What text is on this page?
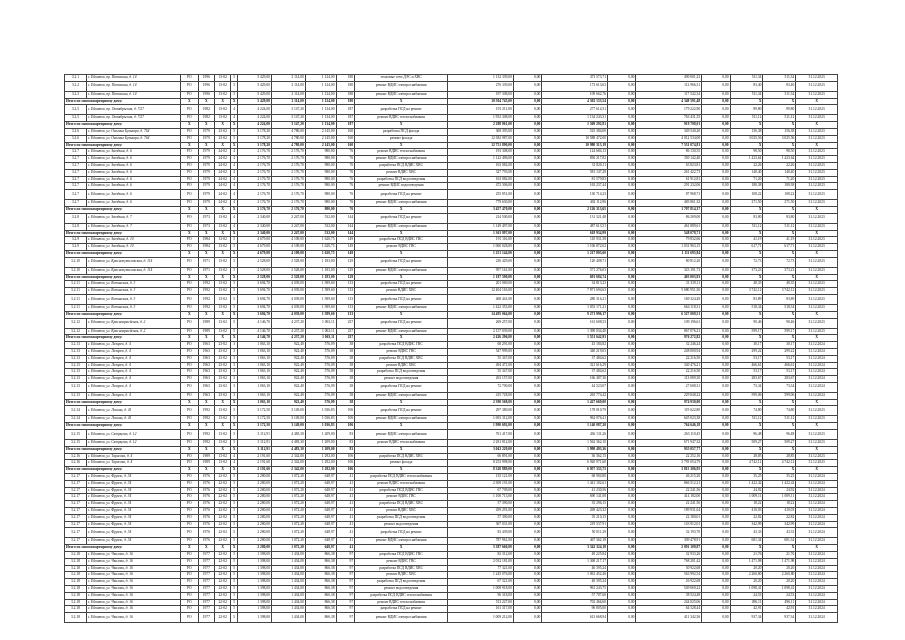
3.2.1	г. Ейпатов, пр. Патенина, д. 14	РО	1996	13-02	5	5 429,00	2 114,00	1 124,00	180	тепловые сети ДЭС и ХВС	1 132 339,00	0,00	473 573,71	0,00	490 001,23	0,00	511,34	511,34	31.12.2023
3.2.2	г. Ейпатов, пр. Патенина, д. 14	РО	1996	13-02	5	5 429,00	2 114,00	1 124,00	180	ремонт ВДИС электроснабжения	276 339,00	0,00	173 613,63	0,00	112 966,31	0,00	83,40	83,40	31.12.2023
3.2.3	г. Ейпатов, пр. Патенина, д. 14	РО	1996	13-02	5	5 429,00	2 114,00	1 124,00	180	ремонт ВДИС электроснабжения	197 308,00	0,00	109 662,76	0,00	117 542,34	0,00	511,34	511,34	31.12.2023
Итого по многоквартирному дому:		X	X	X	X	5 429,00	2 114,00	1 124,00	180	X	10 504 745,00	0,00	4 302 153,54	0,00	4 348 591,48	0,00	X	X	X
3.2.5	г. Ейпатов, пр. Октябрьская, д. 7/27	РО	1982	13-02	4	4 224,00	3 147,20	1 134,00	187	разработка ПСД на ремонт	191 211,00	0,00	277 614,51	0,00	179 222,90	0,00	89,80	89,80	31.12.2023
3.2.5	г. Ейпатов, пр. Октябрьская, д. 7/27	РО	1982	13-02	4	4 224,00	3 147,20	1 134,00	187	ремонт ВДИС теплоснабжения	1 952 308,00	0,00	1 134 243,31	0,00	763 431,35	0,00	511,12	511,12	31.12.2023
Итого по многоквартирному дому:		X	X	X	X	4 224,00	3 147,20	1 134,00	187	X	2 288 861,00	0,00	1 569 292,81	0,00	919 708,01	0,00	X	X	X
3.2.6	г. Ейпатов, ул. Онегина Бульвара, д. 764	РО	1979	23-02	5	3 178,20	4 780,00	2 145,00	160	разработка ПСД фасада	369 395,00	0,00	525 384,00	0,00	349 540,20	0,00	156,38	156,38	31.12.2023
3.2.6	г. Ейпатов, ул. Онегина Бульвара, д. 764	РО	1979	23-02	5	3 178,20	4 780,00	2 145,00	160	ремонт фасада	12 382 987,00	0,00	10 588 472,00	0,00	4 012 534,00	0,00	3 025,56	3 025,56	31.12.2023
Итого по многоквартирному дому:		X	X	X	X	3 178,20	4 780,00	2 145,00	160	X	12 751 890,00	0,00	10 980 313,19	0,00	7 531 074,81	0,00	X	X	X
3.2.7	г. Ейпатов, ул. Звездная, д. 6	РО	1979	24-02	4	2 176,70	2 176,70	980,00	76	ремонт ВДИС теплоснабжения	193 308,00	0,00	124 684,13	0,00	86 130,55	0,00	98,50	98,50	31.12.2023
3.2.7	г. Ейпатов, ул. Звездная, д. 6	РО	1979	24-02	4	2 176,70	2 176,70	980,00	76	ремонт ВДИС электроснабжения	1 122 496,00	0,00	830 217,82	0,00	350 142,40	0,00	1 423,64	1 423,64	31.12.2023
3.2.7	г. Ейпатов, ул. Звездная, д. 6	РО	1979	24-02	4	2 176,70	2 176,70	980,00	76	разработка ПСД ВДИС ХВС	163 082,00	0,00	31 820,11	0,00	63 823,81	0,00	22,26	22,26	31.12.2023
3.2.7	г. Ейпатов, ул. Звездная, д. 6	РО	1979	24-02	4	2 176,70	2 176,70	980,00	76	ремонт ВДИС ХВС	327 793,00	0,00	581 147,28	0,00	261 422,73	0,00	140,40	140,40	31.12.2023
3.2.7	г. Ейпатов, ул. Звездная, д. 6	РО	1979	24-02	4	2 176,70	2 176,70	980,00	76	разработка ПСД водоотведения	163 082,00	0,00	81 579,83	0,00	61 912,81	0,00	71,20	71,20	31.12.2023
3.2.7	г. Ейпатов, ул. Звездная, д. 6	РО	1979	24-02	4	2 176,70	2 176,70	980,00	76	ремонт ВДИС водоотведения	472 306,00	0,00	165 237,44	0,00	291 232,06	0,00	180,38	180,38	31.12.2023
3.2.7	г. Ейпатов, ул. Звездная, д. 6	РО	1979	24-02	4	2 176,70	2 176,70	980,00	76	разработка ПСД на ремонт	255 851,00	0,00	130 714,23	0,00	87 968,71	0,00	108,22	108,22	31.12.2023
3.2.7	г. Ейпатов, ул. Звездная, д. 6	РО	1979	24-02	4	2 176,70	2 176,70	980,00	76	ремонт ВДИС электроснабжения	779 630,00	0,00	402 112,96	0,00	483 861,32	0,00	271,50	271,50	31.12.2023
Итого по многоквартирному дому:		X	X	X	X	2 176,70	2 176,70	980,00	76	X	3 457 470,00	0,00	2 126 313,65	0,00	1 707 814,37	0,00	X	X	X
3.2.8	г. Ейпатов, ул. Звездная, д. 7	РО	1973	13-02	4	2 340,00	2 247,00	532,00	144	разработка ПСД на ремонт	214 500,00	0,00	131 321,48	0,00	86 209,00	0,00	83,80	83,80	31.12.2023
3.2.8	г. Ейпатов, ул. Звездная, д. 7	РО	1973	13-02	4	2 340,00	2 247,00	532,00	144	ремонт ВДИС электроснабжения	1 149 497,00	0,00	487 613,51	0,00	461 889,61	0,00	511,12	511,12	31.12.2023
Итого по многоквартирному дому:		X	X	X	X	2 340,00	2 247,00	532,00	144	X	1 363 997,00	0,00	618 934,99	0,00	548 078,71	0,00	X	X	X
3.2.9	г. Ейпатов, ул. Звездная, д. 10	РО	1984	13-02	5	4 679,00	4 109,00	1 620,75	149	разработка ПСД ВДИС ГВС	191 116,00	0,00	110 931,58	0,00	79 832,66	0,00	41,19	41,19	31.12.2023
3.2.9	г. Ейпатов, ул. Звездная, д. 10	РО	1984	13-02	5	4 679,00	4 109,00	1 620,75	149	ремонт ВДИС ГВС	1 060 028,00	0,00	1 106 872,02	0,00	1 031 963,15	0,00	617,71	617,71	31.12.2023
Итого по многоквартирному дому:		X	X	X	X	4 679,00	4 109,00	1 620,75	149	X	1 251 144,00	0,00	1 217 803,60	0,00	1 111 695,84	0,00	X	X	X
3.2.10	г. Ейпатов, ул. Краснопутиловская, д. 114	РО	1971	13-02	5	2 528,00	2 528,00	1 183,00	129	разработка ПСД на ремонт	230 429,00	0,00	120 408,71	0,00	80 812,20	0,00	72,73	72,73	31.12.2023
3.2.10	г. Ейпатов, ул. Краснопутиловская, д. 114	РО	1971	13-02	5	2 528,00	2 528,00	1 183,00	129	ремонт ВДИС электроснабжения	957 161,00	0,00	571 276,03	0,00	323 191,73	0,00	373,23	373,23	31.12.2023
Итого по многоквартирному дому:		X	X	X	X	2 528,00	2 528,00	1 183,00	129	X	1 187 590,00	0,00	691 684,74	0,00	403 003,93	0,00	X	X	X
3.2.11	г. Ейпатов, ул. Котинская, д. 3	РО	1992	13-02	5	3 694,70	4 039,00	1 589,60	133	разработка ПСД на ремонт	201 069,00	0,00	34 813,23	0,00	31 339,11	0,00	48,35	48,35	31.12.2023
3.2.11	г. Ейпатов, ул. Котинская, д. 3	РО	1992	13-02	5	3 694,70	4 039,00	1 589,60	133	ремонт ВДИС ХВС	12 404 163,00	0,00	7 871 694,63	0,00	5 680 951,56	0,00	3 742,12	3 742,12	31.12.2023
3.2.11	г. Ейпатов, ул. Котинская, д. 3	РО	1992	13-02	5	3 694,70	4 039,00	1 589,60	133	разработка ПСД на ремонт	468 441,00	0,00	280 316,21	0,00	169 324,49	0,00	83,89	83,89	31.12.2023
3.2.11	г. Ейпатов, ул. Котинская, д. 3	РО	1992	13-02	5	3 694,70	4 039,00	1 589,60	133	ремонт ВДИС электроснабжения	1 422 353,00	0,00	1 053 171,21	0,00	664 118,31	0,00	518,34	518,34	31.12.2023
Итого по многоквартирному дому:		X	X	X	X	3 694,70	4 039,00	1 589,60	133	X	14 495 064,00	0,00	9 271 996,17	0,00	6 527 009,51	0,00	X	X	X
3.2.12	г. Ейпатов, ул. Красноармейская, д. 2	РО	1989	13-02	5	4 146,70	4 237,20	1 063,11	237	разработка ПСД на ремонт	269 257,00	0,00	161 608,53	0,00	109 196,61	0,00	90,46	90,46	31.12.2023
3.2.12	г. Ейпатов, ул. Красноармейская, д. 2	РО	1989	13-02	5	4 146,70	4 237,20	1 063,11	237	ремонт ВДИС электроснабжения	2 157 039,00	0,00	1 390 034,40	0,00	867 076,21	0,00	599,17	599,17	31.12.2023
Итого по многоквартирному дому:		X	X	X	X	4 146,70	4 237,20	1 063,11	237	X	2 426 296,00	0,00	1 551 642,93	0,00	976 272,82	0,00	X	X	X
3.2.13	г. Ейпатов, ул. Лазарев, д. 4	РО	1963	23-02	3	1 063,10	922,40	576,09	38	разработка ПСД ВДИС ГВС	68 291,00	0,00	43 184,82	0,00	32 246,24	0,00	30,17	30,17	31.12.2024
3.2.13	г. Ейпатов, ул. Лазарев, д. 4	РО	1963	23-02	3	1 063,10	922,40	576,09	38	ремонт ВДИС ГВС	547 999,00	0,00	340 219,03	0,00	248 000,94	0,00	299,22	299,22	31.12.2024
3.2.13	г. Ейпатов, ул. Лазарев, д. 4	РО	1963	23-02	3	1 063,10	922,40	576,09	38	разработка ПСД ВДИС ХВС	55 347,00	0,00	37 484,62	0,00	22 216,50	0,00	53,17	53,17	31.12.2024
3.2.13	г. Ейпатов, ул. Лазарев, д. 4	РО	1963	23-02	3	1 063,10	922,40	576,09	38	ремонт ВДИС ХВС	494 471,00	0,00	321 616,29	0,00	340 476,21	0,00	466,61	466,61	31.12.2024
3.2.13	г. Ейпатов, ул. Лазарев, д. 4	РО	1963	23-02	3	1 063,10	922,40	576,09	38	разработка ПСД водоотведения	55 347,00	0,00	37 484,62	0,00	22 216,50	0,00	53,17	53,17	31.12.2024
3.2.13	г. Ейпатов, ул. Лазарев, д. 4	РО	1963	23-02	3	1 063,10	922,40	576,09	38	ремонт водоотведения	263 157,00	0,00	166 487,36	0,00	113 089,30	0,00	283,67	283,67	31.12.2024
3.2.13	г. Ейпатов, ул. Лазарев, д. 4	РО	1963	23-02	3	1 063,10	922,40	576,09	38	разработка ПСД на ремонт	72 700,00	0,00	44 523,07	0,00	27 608,31	0,00	73,34	73,34	31.12.2024
3.2.13	г. Ейпатов, ул. Лазарев, д. 4	РО	1963	23-02	3	1 063,10	922,40	576,09	38	ремонт ВДИС электроснабжения	415 728,00	0,00	265 774,42	0,00	229 848,22	0,00	599,06	599,06	31.12.2024
Итого по многоквартирному дому:		X	X	X	X	1 063,10	922,40	576,09	38	X	2 390 568,00	0,00	1 427 669,00	0,00	974 930,00	0,00	X	X	X
3.2.14	г. Ейпатов, ул. Ленина, д. 41	РО	1992	13-02	5	3 172,50	3 149,00	1 036,83	106	разработка ПСД на ремонт	297 380,00	0,00	178 010,79	0,00	119 622,80	0,00	74,80	74,80	31.12.2023
3.2.14	г. Ейпатов, ул. Ленина, д. 41	РО	1992	13-02	5	3 172,50	3 149,00	1 036,83	106	ремонт ВДИС электроснабжения	1 693 312,00	0,00	962 076,41	0,00	645 023,38	0,00	511,12	511,12	31.12.2023
Итого по многоквартирному дому:		X	X	X	X	3 172,50	3 149,00	1 036,83	106	X	1 990 692,00	0,00	1 140 087,20	0,00	764 646,18	0,00	X	X	X
3.2.15	г. Ейпатов, ул. Скворцова, д. 12	РО	1992	13-02	5	3 112,91	4 483,30	1 209,00	83	ремонт ВДИС электроснабжения	761 417,00	0,00	436 131,26	0,00	263 110,45	0,00	96,48	96,48	31.12.2023
3.2.15	г. Ейпатов, ул. Скворцова, д. 12	РО	1992	13-02	5	3 112,91	4 483,30	1 209,00	83	ремонт ВДИС теплоснабжения	2 281 812,00	0,00	1 562 362,10	0,00	671 947,32	0,00	509,27	509,27	31.12.2023
Итого по многоквартирному дому:		X	X	X	X	3 112,91	4 483,30	1 209,00	83	X	3 043 229,00	0,00	1 998 493,36	0,00	935 057,77	0,00	X	X	X
3.2.16	г. Ейпатов, ул. Тарасова, д. 4	РО	1989	13-02	4	2 191,60	2 342,00	1 292,00	106	разработка ПСД ВДИС ХВС	66 891,00	0,00	36 362,15	0,00	22 252,16	0,00	28,85	28,85	31.12.2023
3.2.16	г. Ейпатов, ул. Тарасова, д. 4	РО	1989	13-02	4	2 191,60	2 342,00	1 292,00	106	ремонт фасада	8 253 998,00	0,00	6 920 971,60	0,00	3 793 054,79	0,00	4 742,12	4 742,12	31.12.2023
Итого по многоквартирному дому:		X	X	X	X	2 191,60	2 342,00	1 292,00	106	X	8 320 889,00	0,00	6 957 333,75	0,00	3 815 306,95	0,00	X	X	X
3.2.17	г. Ейпатов, ул. Фрунзе, д. 34	РО	1976	22-02	5	2 280,00	1 072,20	648,97	41	разработка ПСД ВДИС теплоснабжения	135 121,00	0,00	68 904,80	0,00	46 215,20	0,00	35,25	35,25	31.12.2024
3.2.17	г. Ейпатов, ул. Фрунзе, д. 34	РО	1976	22-02	5	2 280,00	1 072,20	648,97	41	ремонт ВДИС теплоснабжения	2 309 191,00	0,00	1 441 102,61	0,00	866 512,21	0,00	1 422,42	1 422,42	31.12.2024
3.2.17	г. Ейпатов, ул. Фрунзе, д. 34	РО	1976	22-02	5	2 280,00	1 072,20	648,97	41	разработка ПСД ВДИС ГВС	67 709,00	0,00	41 230,56	0,00	22 241,56	0,00	24,92	24,92	31.12.2024
3.2.17	г. Ейпатов, ул. Фрунзе, д. 34	РО	1976	22-02	5	2 280,00	1 072,20	648,97	41	ремонт ВДИС ГВС	1 100 713,00	0,00	690 141,08	0,00	414 182,00	0,00	1 009,11	1 009,11	31.12.2024
3.2.17	г. Ейпатов, ул. Фрунзе, д. 34	РО	1976	22-02	5	2 280,00	1 072,20	648,97	41	разработка ПСД ВДИС ХВС	57 390,00	0,00	35 296,15	0,00	22 241,56	0,00	18,22	18,22	31.12.2024
3.2.17	г. Ейпатов, ул. Фрунзе, д. 34	РО	1976	22-02	5	2 280,00	1 072,20	648,97	41	ремонт ВДИС ХВС	459 291,00	0,00	269 423,32	0,00	189 931,64	0,00	410,03	410,03	31.12.2024
3.2.17	г. Ейпатов, ул. Фрунзе, д. 34	РО	1976	22-02	5	2 280,00	1 072,20	648,97	41	разработка ПСД водоотведения	57 390,00	0,00	35 210,15	0,00	22 180,01	0,00	22,82	22,82	31.12.2024
3.2.17	г. Ейпатов, ул. Фрунзе, д. 34	РО	1976	22-02	5	2 280,00	1 072,20	648,97	41	ремонт водоотведения	367 031,00	0,00	219 537,91	0,00	143 912,01	0,00	342,99	342,99	31.12.2024
3.2.17	г. Ейпатов, ул. Фрунзе, д. 34	РО	1976	22-02	5	2 280,00	1 072,20	648,97	41	разработка ПСД на ремонт	83 439,00	0,00	50 011,29	0,00	32 193,70	0,00	43,33	43,33	31.12.2024
3.2.17	г. Ейпатов, ул. Фрунзе, д. 34	РО	1976	22-02	5	2 280,00	1 072,20	648,97	41	ремонт ВДИС электроснабжения	787 961,00	0,00	467 362,18	0,00	309 478,91	0,00	681,34	681,34	31.12.2024
Итого по многоквартирному дому:		X	X	X	X	2 280,00	1 072,20	648,97	41	X	5 387 660,00	0,00	3 342 324,18	0,00	2 091 109,87	0,00	X	X	X
3.2.18	г. Ейпатов, ул. Чкалова, д. 16	РО	1977	22-02	5	1 398,00	1 434,00	866,38	97	разработка ПСД ВДИС ГВС	82 312,00	0,00	49 225,84	0,00	32 933,26	0,00	21,76	21,76	31.12.2024
3.2.18	г. Ейпатов, ул. Чкалова, д. 16	РО	1977	22-02	5	1 398,00	1 434,00	866,38	97	ремонт ВДИС ГВС	2 032 181,00	0,00	1 368 217,17	0,00	768 201,42	0,00	1 471,98	1 471,98	31.12.2024
3.2.18	г. Ейпатов, ул. Чкалова, д. 16	РО	1977	22-02	5	1 398,00	1 434,00	866,38	97	разработка ПСД ВДИС ХВС	77 321,00	0,00	46 395,24	0,00	30 922,68	0,00	20,20	20,20	31.12.2024
3.2.18	г. Ейпатов, ул. Чкалова, д. 16	РО	1977	22-02	5	1 398,00	1 434,00	866,38	97	ремонт ВДИС ХВС	1 245 076,00	0,00	1 061 452,46	0,00	563 992,54	0,00	2 260,80	2 260,80	31.12.2024
3.2.18	г. Ейпатов, ул. Чкалова, д. 16	РО	1977	22-02	5	1 398,00	1 434,00	866,38	97	разработка ПСД водоотведения	67 321,00	0,00	40 395,24	0,00	26 922,68	0,00	20,20	20,20	31.12.2024
3.2.18	г. Ейпатов, ул. Чкалова, д. 16	РО	1977	22-02	5	1 398,00	1 434,00	866,38	97	ремонт водоотведения	1 008 918,00	0,00	961 243,75	0,00	549 069,22	0,00	1 098,41	1 098,41	31.12.2024
3.2.18	г. Ейпатов, ул. Чкалова, д. 16	РО	1977	22-02	5	1 398,00	1 434,00	866,38	97	разработка ПСД ВДИС теплоснабжения	96 318,00	0,00	57 787,60	0,00	38 524,48	0,00	24,53	24,53	31.12.2024
3.2.18	г. Ейпатов, ул. Чкалова, д. 16	РО	1977	22-02	5	1 398,00	1 434,00	866,38	97	ремонт ВДИС теплоснабжения	513 227,00	0,00	702 466,60	0,00	244 025,06	0,00	496,11	496,11	31.12.2024
3.2.18	г. Ейпатов, ул. Чкалова, д. 16	РО	1977	22-02	5	1 398,00	1 434,00	866,38	97	разработка ПСД на ремонт	161 317,00	0,00	96 805,00	0,00	64 528,44	0,00	42,91	42,91	31.12.2024
3.2.18	г. Ейпатов, ул. Чкалова, д. 16	РО	1977	22-02	5	1 398,00	1 434,00	866,38	97	ремонт ВДИС электроснабжения	1 009 212,00	0,00	613 668,94	0,00	411 342,36	0,00	937,34	937,34	31.12.2024
